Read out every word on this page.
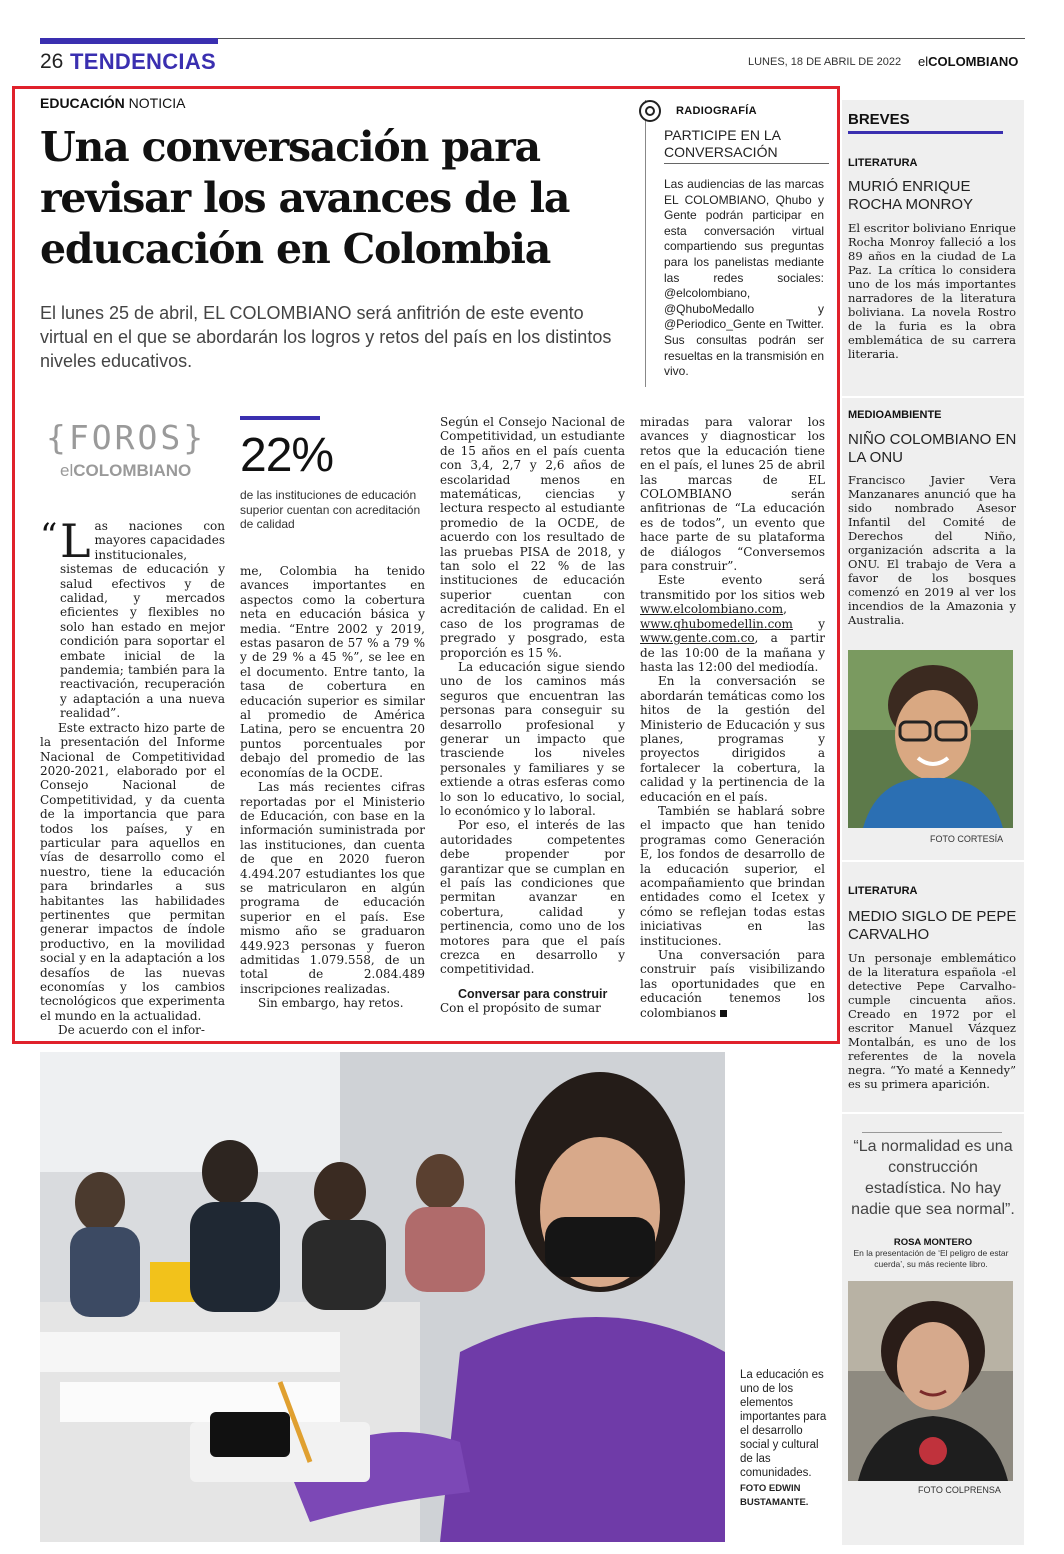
26 TENDENCIAS	LUNES, 18 DE ABRIL DE 2022 elCOLOMBIANO
EDUCACIÓN NOTICIA
Una conversación para revisar los avances de la educación en Colombia

El lunes 25 de abril, EL COLOMBIANO será anfitrión de este evento virtual en el que se abordarán los logros y retos del país en los distintos niveles educativos.

RADIOGRAFÍA
PARTICIPE EN LA CONVERSACIÓN
Las audiencias de las marcas EL COLOMBIANO, Qhubo y Gente podrán participar en esta conversación virtual compartiendo sus preguntas para los panelistas mediante las redes sociales: @elcolombiano, @QhuboMedallo y @Periodico_Gente en Twitter. Sus consultas podrán ser resueltas en la transmisión en vivo.
{FOROS}
elCOLOMBIANO 22%
de las instituciones de educación superior cuentan con acreditación de calidad
“ Las naciones con mayores capacidades institucionales, sistemas de educación y salud efectivos y de calidad, y mercados eficientes y flexibles no solo han estado en mejor condición para soportar el embate inicial de la pandemia; también para la reactivación, recuperación y adaptación a una nueva realidad”.

Este extracto hizo parte de la presentación del Informe Nacional de Competitividad 2020-2021, elaborado por el Consejo Nacional de Competitividad, y da cuenta de la importancia que para todos los países, y en particular para aquellos en vías de desarrollo como el nuestro, tiene la educación para brindarles a sus habitantes las habilidades pertinentes que permitan generar impactos de índole productivo, en la movilidad social y en la adaptación a los desafíos de las nuevas economías y los cambios tecnológicos que experimenta el mundo en la actualidad.

De acuerdo con el infor-

me, Colombia ha tenido avances importantes en aspectos como la cobertura neta en educación básica y media. “Entre 2002 y 2019, estas pasaron de 57 % a 79 % y de 29 % a 45 %”, se lee en el documento. Entre tanto, la tasa de cobertura en educación superior es similar al promedio de América Latina, pero se encuentra 20 puntos porcentuales por debajo del promedio de las economías de la OCDE.

Las más recientes cifras reportadas por el Ministerio de Educación, con base en la información suministrada por las instituciones, dan cuenta de que en 2020 fueron 4.494.207 estudiantes los que se matricularon en algún programa de educación superior en el país. Ese mismo año se graduaron 449.923 personas y fueron admitidas 1.079.558, de un total de 2.084.489 inscripciones realizadas.

Sin embargo, hay retos.

Según el Consejo Nacional de Competitividad, un estudiante de 15 años en el país cuenta con 3,4, 2,7 y 2,6 años de escolaridad menos en matemáticas, ciencias y lectura respecto al estudiante promedio de la OCDE, de acuerdo con los resultado de las pruebas PISA de 2018, y tan solo el 22 % de las instituciones de educación superior cuentan con acreditación de calidad. En el caso de los programas de pregrado y posgrado, esta proporción es 15 %.

La educación sigue siendo uno de los caminos más seguros que encuentran las personas para conseguir su desarrollo profesional y generar un impacto que trasciende los niveles personales y familiares y se extiende a otras esferas como lo son lo educativo, lo social, lo económico y lo laboral.

Por eso, el interés de las autoridades competentes debe propender por garantizar que se cumplan en el país las condiciones que permitan avanzar en cobertura, calidad y pertinencia, como uno de los motores para que el país crezca en desarrollo y competitividad.

Conversar para construir

Con el propósito de sumar

miradas para valorar los avances y diagnosticar los retos que la educación tiene en el país, el lunes 25 de abril las marcas de EL COLOMBIANO serán anfitrionas de “La educación es de todos”, un evento que hace parte de su plataforma de diálogos “Conversemos para construir”.

Este evento será transmitido por los sitios web www.elcolombiano.com, www.qhubomedellin.com y www.gente.com.co, a partir de las 10:00 de la mañana y hasta las 12:00 del mediodía.

En la conversación se abordarán temáticas como los hitos de la gestión del Ministerio de Educación y sus planes, programas y proyectos dirigidos a fortalecer la cobertura, la calidad y la pertinencia de la educación en el país.

También se hablará sobre el impacto que han tenido programas como Generación E, los fondos de desarrollo de la educación superior, el acompañamiento que brindan entidades como el Icetex y cómo se reflejan todas estas iniciativas en las instituciones.

Una conversación para construir país visibilizando las oportunidades que en educación tenemos los colombianos

La educación es uno de los elementos importantes para el desarrollo social y cultural de las comunidades.
FOTO EDWIN BUSTAMANTE.
BREVES
LITERATURA
MURIÓ ENRIQUE ROCHA MONROY
El escritor boliviano Enrique Rocha Monroy falleció a los 89 años en la ciudad de La Paz. La crítica lo considera uno de los más importantes narradores de la literatura boliviana. La novela Rostro de la furia es la obra emblemática de su carrera literaria.
MEDIOAMBIENTE
NIÑO COLOMBIANO EN LA ONU
Francisco Javier Vera Manzanares anunció que ha sido nombrado Asesor Infantil del Comité de Derechos del Niño, organización adscrita a la ONU. El trabajo de Vera a favor de los bosques comenzó en 2019 al ver los incendios de la Amazonia y Australia.
FOTO CORTESÍA
LITERATURA
MEDIO SIGLO DE PEPE CARVALHO
Un personaje emblemático de la literatura española -el detective Pepe Carvalho- cumple cincuenta años. Creado en 1972 por el escritor Manuel Vázquez Montalbán, es uno de los referentes de la novela negra. “Yo maté a Kennedy” es su primera aparición.
“La normalidad es una construcción estadística. No hay nadie que sea normal”.
ROSA MONTERO
En la presentación de ‘El peligro de estar cuerda’, su más reciente libro.
FOTO COLPRENSA
